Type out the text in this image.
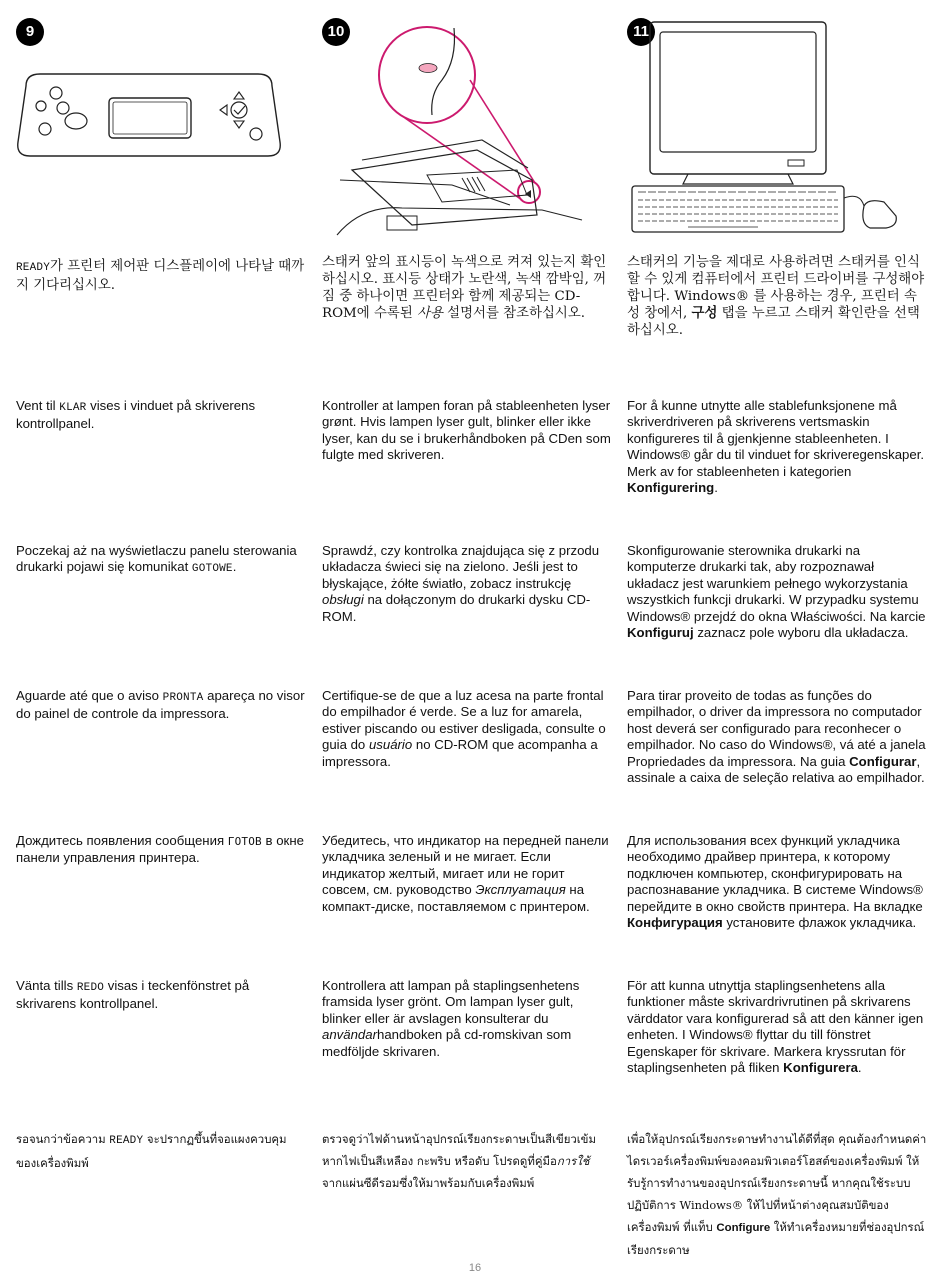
9	10	11
READY가 프린터 제어판 디스플레이에 나타날 때까지 기다리십시오.
스태커 앞의 표시등이 녹색으로 켜져 있는지 확인하십시오. 표시등 상태가 노란색, 녹색 깜박임, 꺼짐 중 하나이면 프린터와 함께 제공되는 CD-ROM에 수록된 사용 설명서를 참조하십시오.
스태커의 기능을 제대로 사용하려면 스태커를 인식할 수 있게 컴퓨터에서 프린터 드라이버를 구성해야 합니다. Windows® 를 사용하는 경우, 프린터 속성 창에서, 구성 탭을 누르고 스태커 확인란을 선택하십시오.
Vent til KLAR vises i vinduet på skriverens kontrollpanel.
Kontroller at lampen foran på stableenheten lyser grønt. Hvis lampen lyser gult, blinker eller ikke lyser, kan du se i brukerhåndboken på CDen som fulgte med skriveren.
For å kunne utnytte alle stablefunksjonene må skriverdriveren på skriverens vertsmaskin konfigureres til å gjenkjenne stableenheten. I Windows® går du til vinduet for skriveregenskaper. Merk av for stableenheten i kategorien Konfigurering.
Poczekaj aż na wyświetlaczu panelu sterowania drukarki pojawi się komunikat GOTOWE.
Sprawdź, czy kontrolka znajdująca się z przodu układacza świeci się na zielono. Jeśli jest to błyskające, żółte światło, zobacz instrukcję obsługi na dołączonym do drukarki dysku CD-ROM.
Skonfigurowanie sterownika drukarki na komputerze drukarki tak, aby rozpoznawał układacz jest warunkiem pełnego wykorzystania wszystkich funkcji drukarki. W przypadku systemu Windows® przejdź do okna Właściwości. Na karcie Konfiguruj zaznacz pole wyboru dla układacza.
Aguarde até que o aviso PRONTA apareça no visor do painel de controle da impressora.
Certifique-se de que a luz acesa na parte frontal do empilhador é verde. Se a luz for amarela, estiver piscando ou estiver desligada, consulte o guia do usuário no CD-ROM que acompanha a impressora.
Para tirar proveito de todas as funções do empilhador, o driver da impressora no computador host deverá ser configurado para reconhecer o empilhador. No caso do Windows®, vá até a janela Propriedades da impressora. Na guia Configurar, assinale a caixa de seleção relativa ao empilhador.
Дождитесь появления сообщения ГОТОВ в окне панели управления принтера.
Убедитесь, что индикатор на передней панели укладчика зеленый и не мигает. Если индикатор желтый, мигает или не горит совсем, см. руководство Эксплуатация на компакт-диске, поставляемом с принтером.
Для использования всех функций укладчика необходимо драйвер принтера, к которому подключен компьютер, сконфигурировать на распознавание укладчика. В системе Windows® перейдите в окно свойств принтера. На вкладке Конфигурация установите флажок укладчика.
Vänta tills REDO visas i teckenfönstret på skrivarens kontrollpanel.
Kontrollera att lampan på staplingsenhetens framsida lyser grönt. Om lampan lyser gult, blinker eller är avslagen konsulterar du användarhandboken på cd-romskivan som medföljde skrivaren.
För att kunna utnyttja staplingsenhetens alla funktioner måste skrivardrivrutinen på skrivarens värddator vara konfigurerad så att den känner igen enheten. I Windows® flyttar du till fönstret Egenskaper för skrivare. Markera kryssrutan för staplingsenheten på fliken Konfigurera.
รอจนกว่าข้อความ READY จะปรากฏขึ้นที่จอแผงควบคุมของเครื่องพิมพ์
ตรวจดูว่าไฟด้านหน้าอุปกรณ์เรียงกระดาษเป็นสีเขียวเข้ม หากไฟเป็นสีเหลือง กะพริบ หรือดับ โปรดดูที่คู่มือการใช้ จากแผ่นซีดีรอมซึ่งให้มาพร้อมกับเครื่องพิมพ์
เพื่อให้อุปกรณ์เรียงกระดาษทำงานได้ดีที่สุด คุณต้องกำหนดค่าไดรเวอร์เครื่องพิมพ์ของคอมพิวเตอร์โฮสต์ของเครื่องพิมพ์ ให้รับรู้การทำงานของอุปกรณ์เรียงกระดาษนี้ หากคุณใช้ระบบปฏิบัติการ Windows® ให้ไปที่หน้าต่างคุณสมบัติของเครื่องพิมพ์ ที่แท็บ Configure ให้ทำเครื่องหมายที่ช่องอุปกรณ์เรียงกระดาษ
16
